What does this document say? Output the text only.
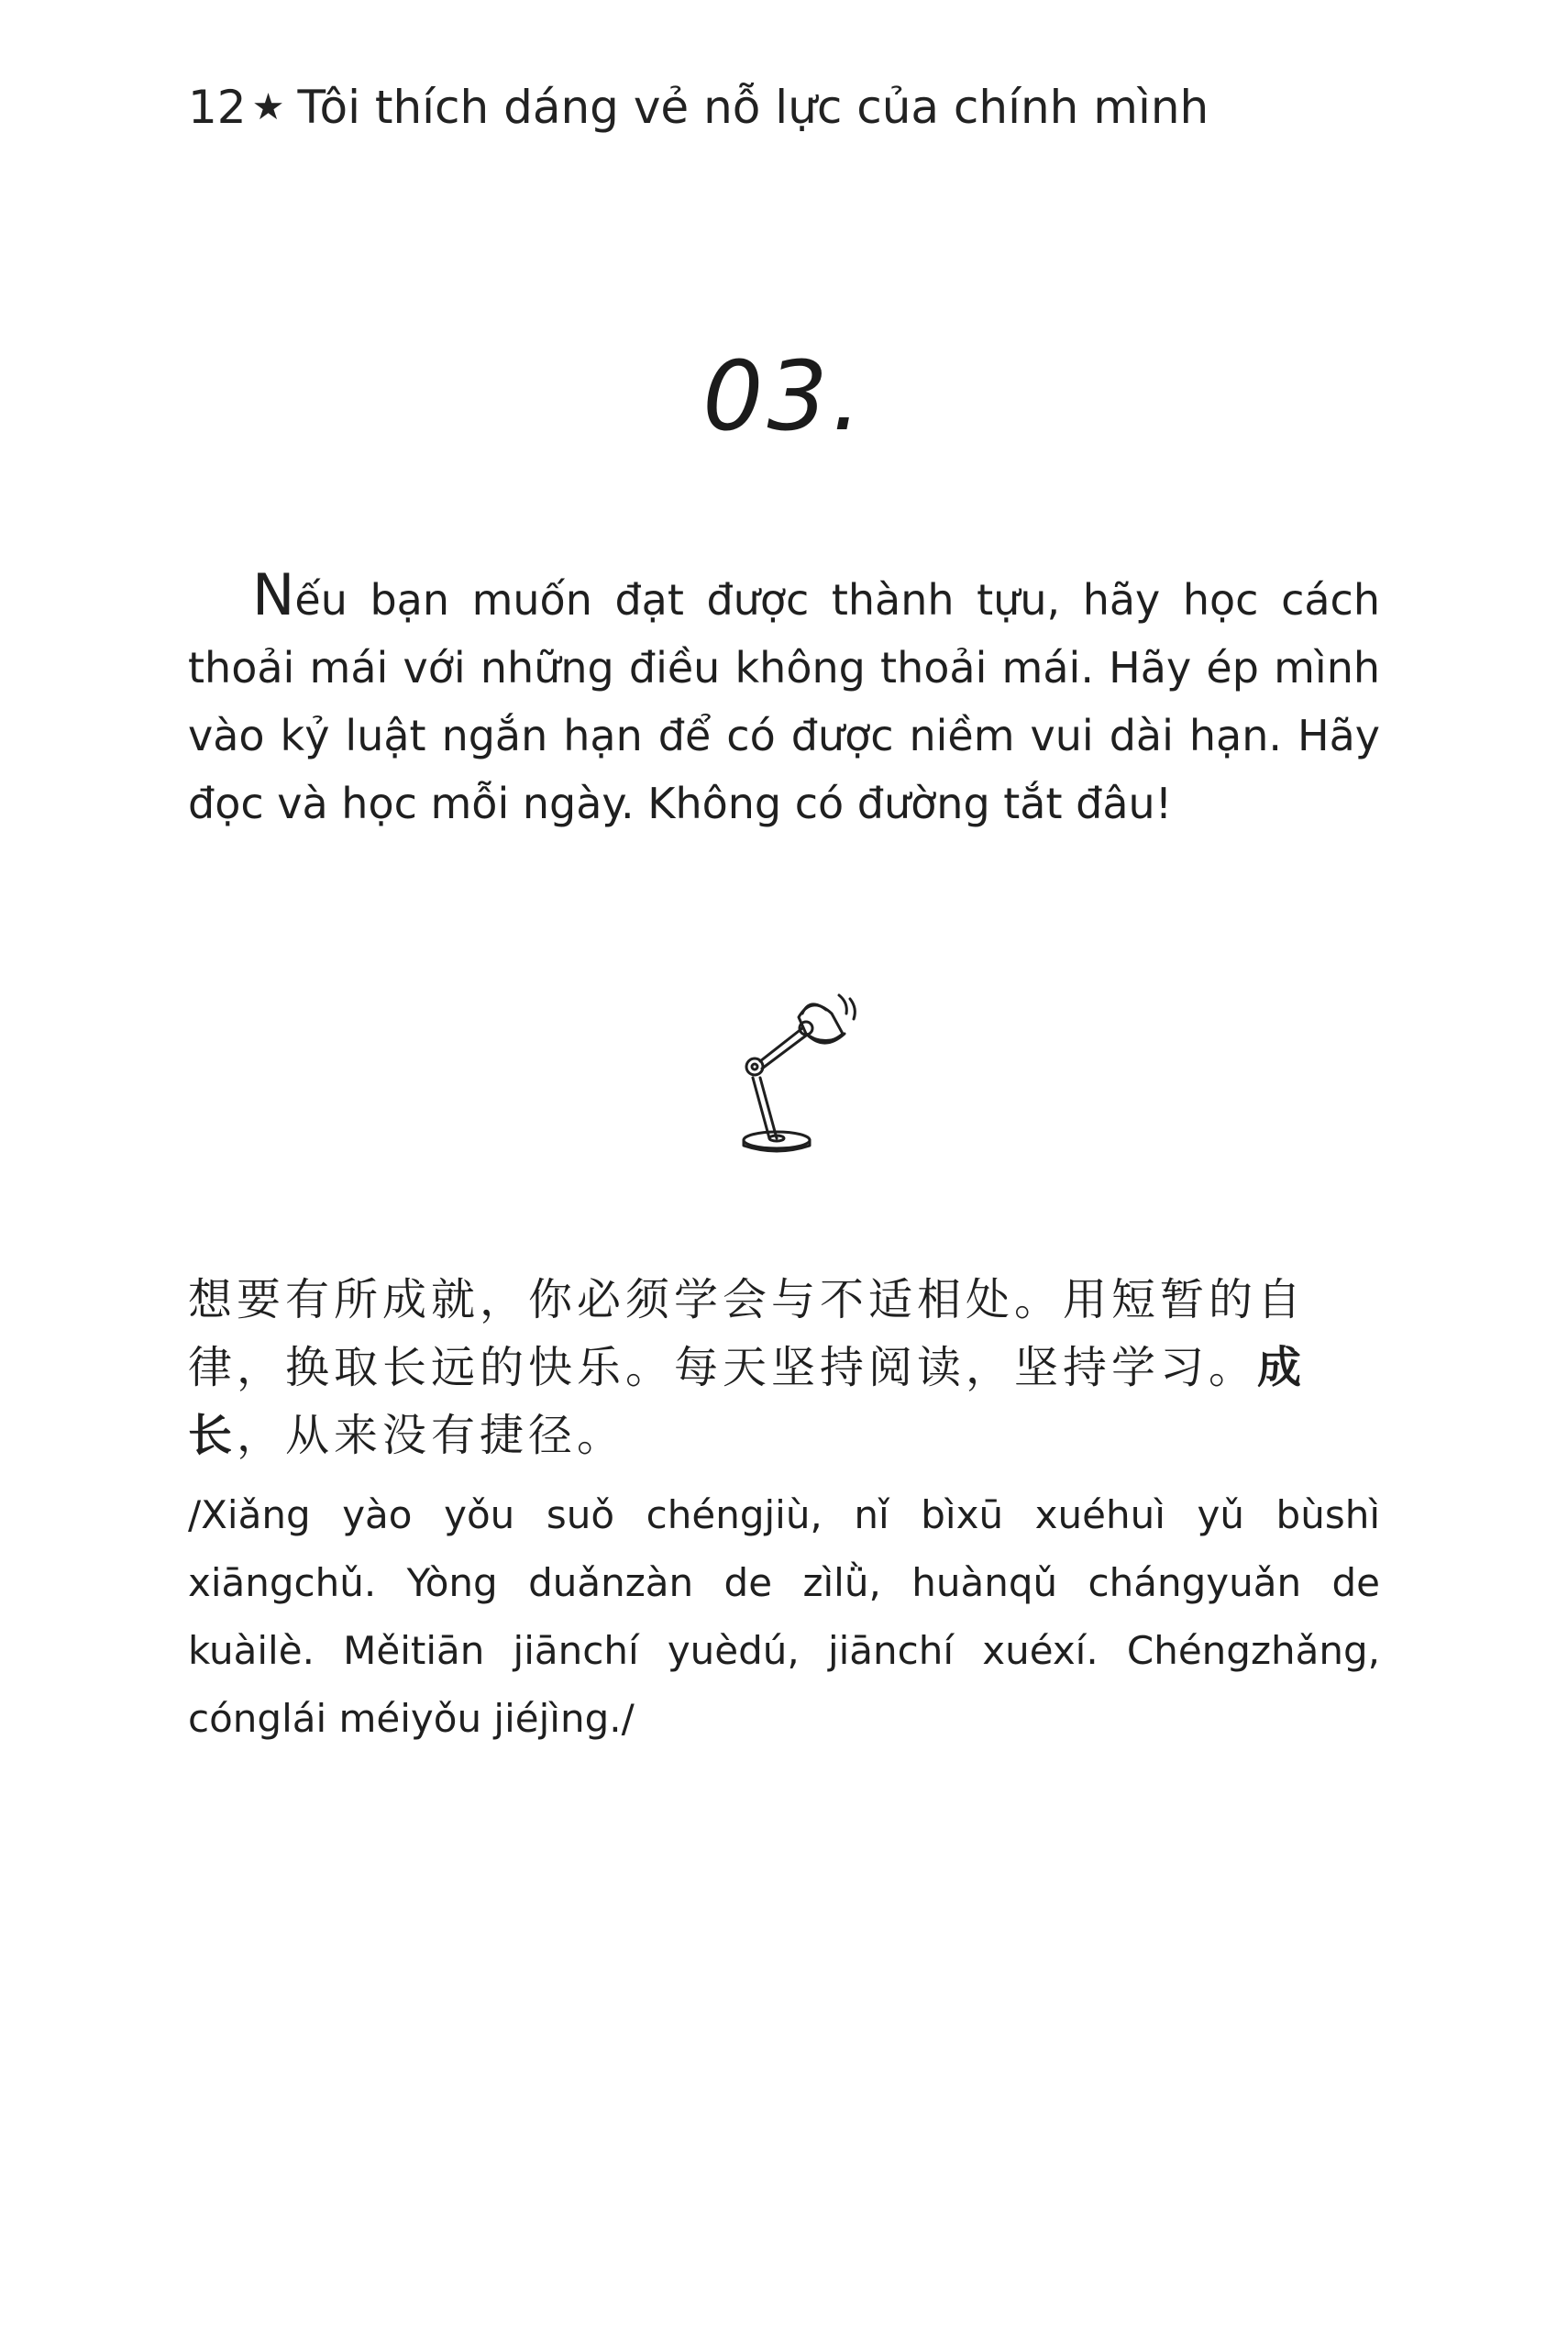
12 ★ Tôi thích dáng vẻ nỗ lực của chính mình
03.
Nếu bạn muốn đạt được thành tựu, hãy học cách thoải mái với những điều không thoải mái. Hãy ép mình vào kỷ luật ngắn hạn để có được niềm vui dài hạn. Hãy đọc và học mỗi ngày. Không có đường tắt đâu!
想要有所成就，你必须学会与不适相处。用短暂的自律，换取长远的快乐。每天坚持阅读，坚持学习。成长，从来没有捷径。
/Xiǎng yào yǒu suǒ chéngjiù, nǐ bìxū xuéhuì yǔ bùshì xiāngchǔ. Yòng duǎnzàn de zìlǜ, huànqǔ chángyuǎn de kuàilè. Měitiān jiānchí yuèdú, jiānchí xuéxí. Chéngzhǎng, cónglái méiyǒu jiéjìng./
